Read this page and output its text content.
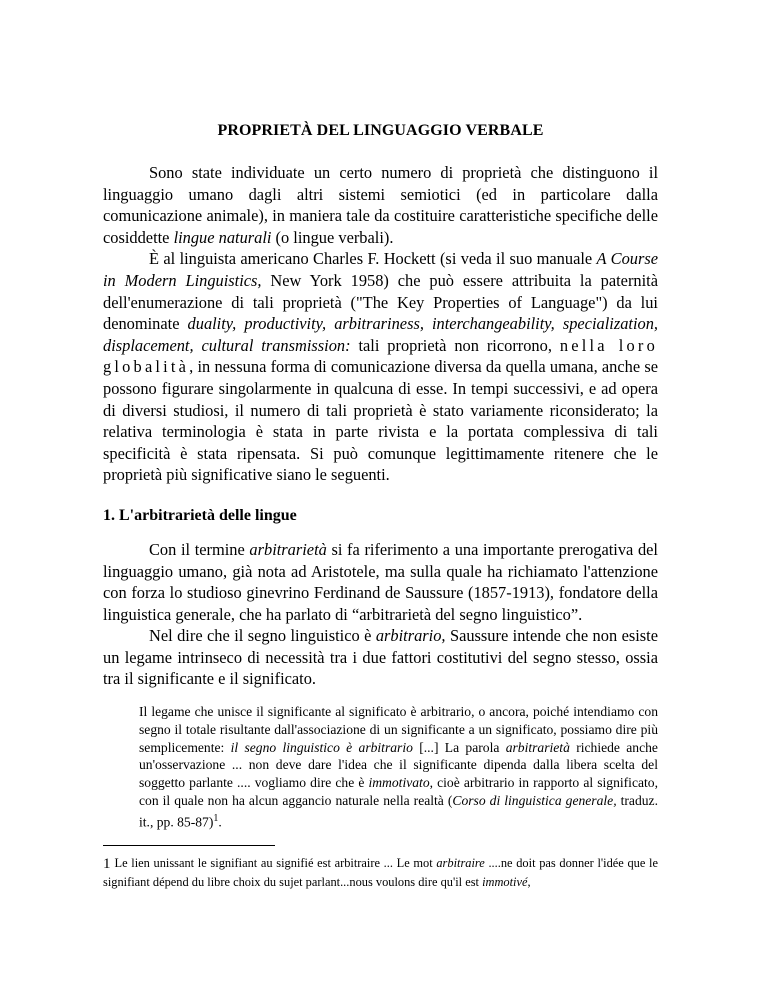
PROPRIETÀ DEL LINGUAGGIO VERBALE

Sono state individuate un certo numero di proprietà che distinguono il linguaggio umano dagli altri sistemi semiotici (ed in particolare dalla comunicazione animale), in maniera tale da costituire caratteristiche specifiche delle cosiddette lingue naturali (o lingue verbali).

È al linguista americano Charles F. Hockett (si veda il suo manuale A Course in Modern Linguistics, New York 1958) che può essere attribuita la paternità dell'enumerazione di tali proprietà ("The Key Properties of Language") da lui denominate duality, productivity, arbitrariness, interchangeability, specialization, displacement, cultural transmission: tali proprietà non ricorrono, nella loro globalità, in nessuna forma di comunicazione diversa da quella umana, anche se possono figurare singolarmente in qualcuna di esse. In tempi successivi, e ad opera di diversi studiosi, il numero di tali proprietà è stato variamente riconsiderato; la relativa terminologia è stata in parte rivista e la portata complessiva di tali specificità è stata ripensata. Si può comunque legittimamente ritenere che le proprietà più significative siano le seguenti.

1. L'arbitrarietà delle lingue

Con il termine arbitrarietà si fa riferimento a una importante prerogativa del linguaggio umano, già nota ad Aristotele, ma sulla quale ha richiamato l'attenzione con forza lo studioso ginevrino Ferdinand de Saussure (1857-1913), fondatore della linguistica generale, che ha parlato di “arbitrarietà del segno linguistico”.

Nel dire che il segno linguistico è arbitrario, Saussure intende che non esiste un legame intrinseco di necessità tra i due fattori costitutivi del segno stesso, ossia tra il significante e il significato.

Il legame che unisce il significante al significato è arbitrario, o ancora, poiché intendiamo con segno il totale risultante dall'associazione di un significante a un significato, possiamo dire più semplicemente: il segno linguistico è arbitrario [...] La parola arbitrarietà richiede anche un'osservazione ... non deve dare l'idea che il significante dipenda dalla libera scelta del soggetto parlante .... vogliamo dire che è immotivato, cioè arbitrario in rapporto al significato, con il quale non ha alcun aggancio naturale nella realtà (Corso di linguistica generale, traduz. it., pp. 85-87)$^1$.

1 Le lien unissant le signifiant au signifié est arbitraire ... Le mot arbitraire ....ne doit pas donner l'idée que le signifiant dépend du libre choix du sujet parlant...nous voulons dire qu'il est immotivé,
